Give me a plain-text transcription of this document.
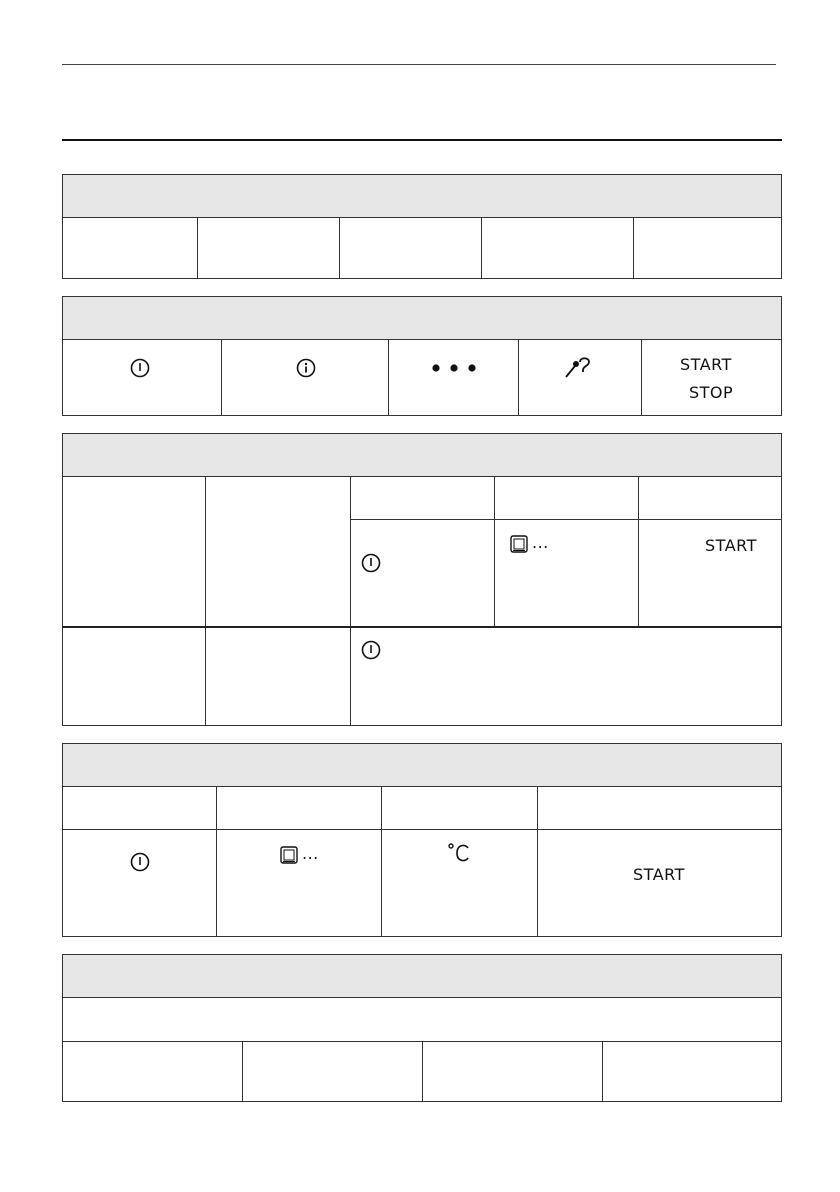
START
STOP
...	START
...
START
